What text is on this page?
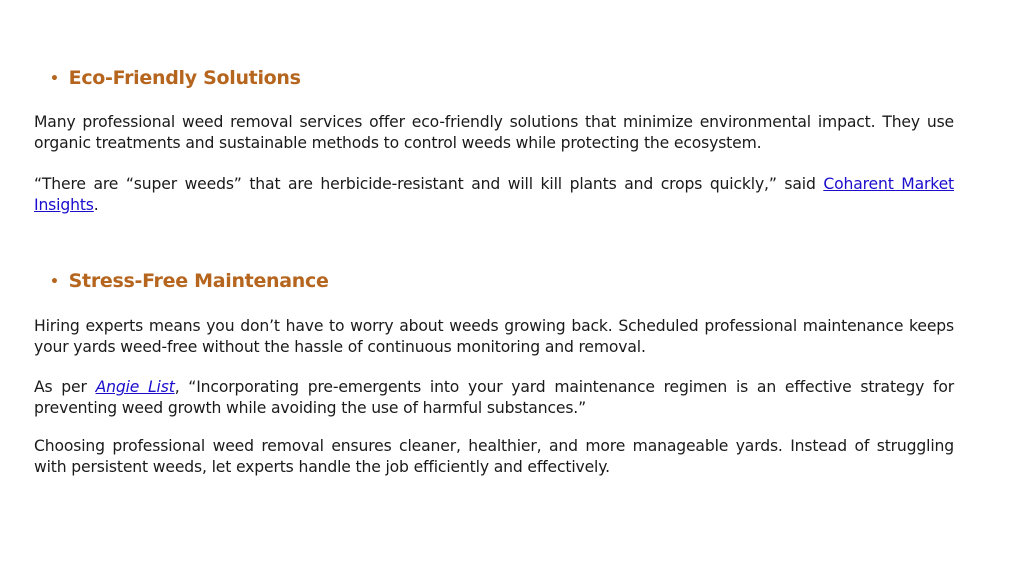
• Eco-Friendly Solutions

Many professional weed removal services offer eco-friendly solutions that minimize environmental impact. They use organic treatments and sustainable methods to control weeds while protecting the ecosystem.

“There are “super weeds” that are herbicide-resistant and will kill plants and crops quickly,” said Coharent Market Insights.

• Stress-Free Maintenance

Hiring experts means you don’t have to worry about weeds growing back. Scheduled professional maintenance keeps your yards weed-free without the hassle of continuous monitoring and removal.

As per Angie List, “Incorporating pre-emergents into your yard maintenance regimen is an effective strategy for preventing weed growth while avoiding the use of harmful substances.”

Choosing professional weed removal ensures cleaner, healthier, and more manageable yards. Instead of struggling with persistent weeds, let experts handle the job efficiently and effectively.
